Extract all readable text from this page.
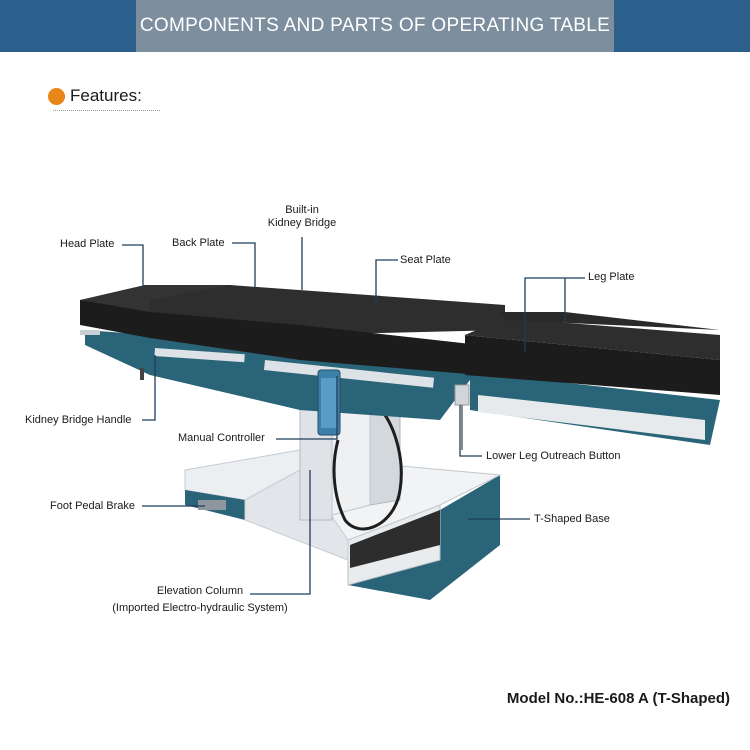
COMPONENTS AND PARTS OF OPERATING TABLE
Features:
Head Plate	Back Plate
Built-in
Kidney Bridge
Seat Plate
Leg Plate
Kidney Bridge Handle
Manual Controller
Lower Leg Outreach Button
Foot Pedal Brake
T-Shaped Base
Elevation Column
(Imported Electro-hydraulic System)
Model No.:HE-608 A (T-Shaped)
